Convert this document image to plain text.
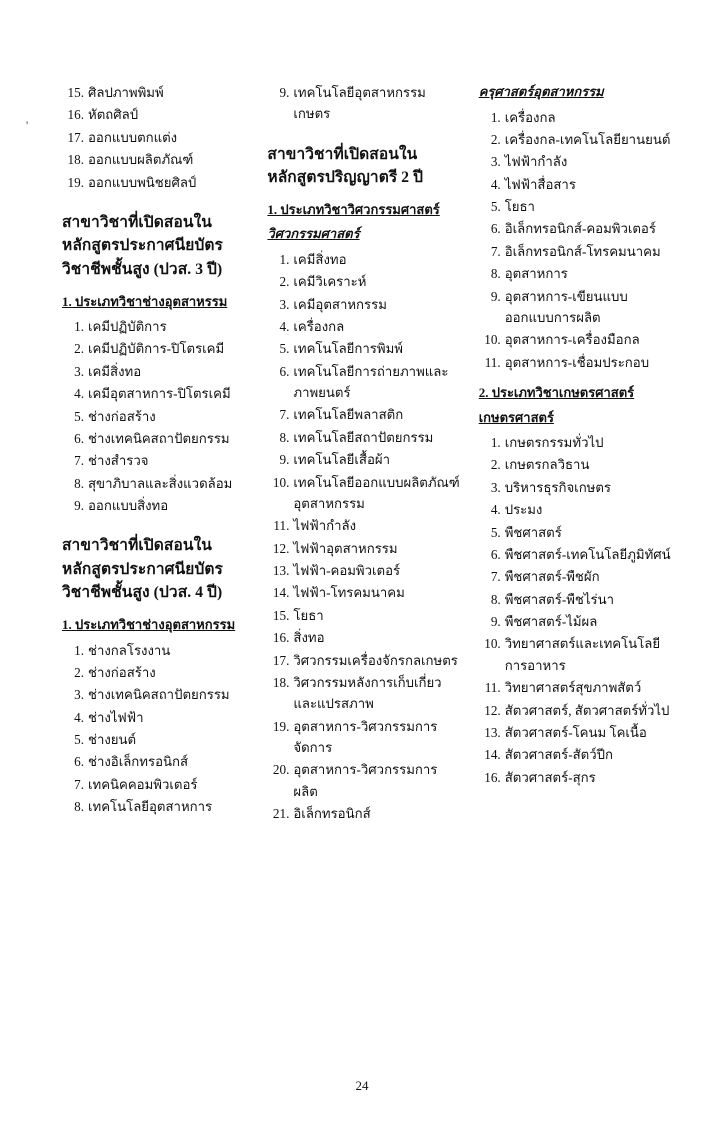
'
15. ศิลปภาพพิมพ์
16. หัตถศิลป์
17. ออกแบบตกแต่ง
18. ออกแบบผลิตภัณฑ์
19. ออกแบบพนิชยศิลป์
สาขาวิชาที่เปิดสอนในหลักสูตรประกาศนียบัตรวิชาชีพชั้นสูง (ปวส. 3 ปี)
1. ประเภทวิชาช่างอุตสาหรรม
1. เคมีปฏิบัติการ
2. เคมีปฏิบัติการ-ปิโตรเคมี
3. เคมีสิ่งทอ
4. เคมีอุตสาหการ-ปิโตรเคมี
5. ช่างก่อสร้าง
6. ช่างเทคนิคสถาปัตยกรรม
7. ช่างสำรวจ
8. สุขาภิบาลและสิ่งแวดล้อม
9. ออกแบบสิ่งทอ
สาขาวิชาที่เปิดสอนในหลักสูตรประกาศนียบัตรวิชาชีพชั้นสูง (ปวส. 4 ปี)
1. ประเภทวิชาช่างอุตสาหกรรม
1. ช่างกลโรงงาน
2. ช่างก่อสร้าง
3. ช่างเทคนิคสถาปัตยกรรม
4. ช่างไฟฟ้า
5. ช่างยนต์
6. ช่างอิเล็กทรอนิกส์
7. เทคนิคคอมพิวเตอร์
8. เทคโนโลยีอุตสาหการ
9. เทคโนโลยีอุตสาหกรรมเกษตร
สาขาวิชาที่เปิดสอนในหลักสูตรปริญญาตรี 2 ปี
1. ประเภทวิชาวิศวกรรมศาสตร์
วิศวกรรมศาสตร์
1. เคมีสิ่งทอ
2. เคมีวิเคราะห์
3. เคมีอุตสาหกรรม
4. เครื่องกล
5. เทคโนโลยีการพิมพ์
6. เทคโนโลยีการถ่ายภาพและภาพยนตร์
7. เทคโนโลยีพลาสติก
8. เทคโนโลยีสถาปัตยกรรม
9. เทคโนโลยีเสื้อผ้า
10. เทคโนโลยีออกแบบผลิตภัณฑ์อุตสาหกรรม
11. ไฟฟ้ากำลัง
12. ไฟฟ้าอุตสาหกรรม
13. ไฟฟ้า-คอมพิวเตอร์
14. ไฟฟ้า-โทรคมนาคม
15. โยธา
16. สิ่งทอ
17. วิศวกรรมเครื่องจักรกลเกษตร
18. วิศวกรรมหลังการเก็บเกี่ยวและแปรสภาพ
19. อุตสาหการ-วิศวกรรมการจัดการ
20. อุตสาหการ-วิศวกรรมการผลิต
21. อิเล็กทรอนิกส์
ครุศาสตร์อุตสาหกรรม
1. เครื่องกล
2. เครื่องกล-เทคโนโลยียานยนต์
3. ไฟฟ้ากำลัง
4. ไฟฟ้าสื่อสาร
5. โยธา
6. อิเล็กทรอนิกส์-คอมพิวเตอร์
7. อิเล็กทรอนิกส์-โทรคมนาคม
8. อุตสาหการ
9. อุตสาหการ-เขียนแบบออกแบบการผลิต
10. อุตสาหการ-เครื่องมือกล
11. อุตสาหการ-เชื่อมประกอบ
2. ประเภทวิชาเกษตรศาสตร์
เกษตรศาสตร์
1. เกษตรกรรมทั่วไป
2. เกษตรกลวิธาน
3. บริหารธุรกิจเกษตร
4. ประมง
5. พืชศาสตร์
6. พืชศาสตร์-เทคโนโลยีภูมิทัศน์
7. พืชศาสตร์-พืชผัก
8. พืชศาสตร์-พืชไร่นา
9. พืชศาสตร์-ไม้ผล
10. วิทยาศาสตร์และเทคโนโลยีการอาหาร
11. วิทยาศาสตร์สุขภาพสัตว์
12. สัตวศาสตร์, สัตวศาสตร์ทั่วไป
13. สัตวศาสตร์-โคนม โคเนื้อ
14. สัตวศาสตร์-สัตว์ปีก
16. สัตวศาสตร์-สุกร
24
